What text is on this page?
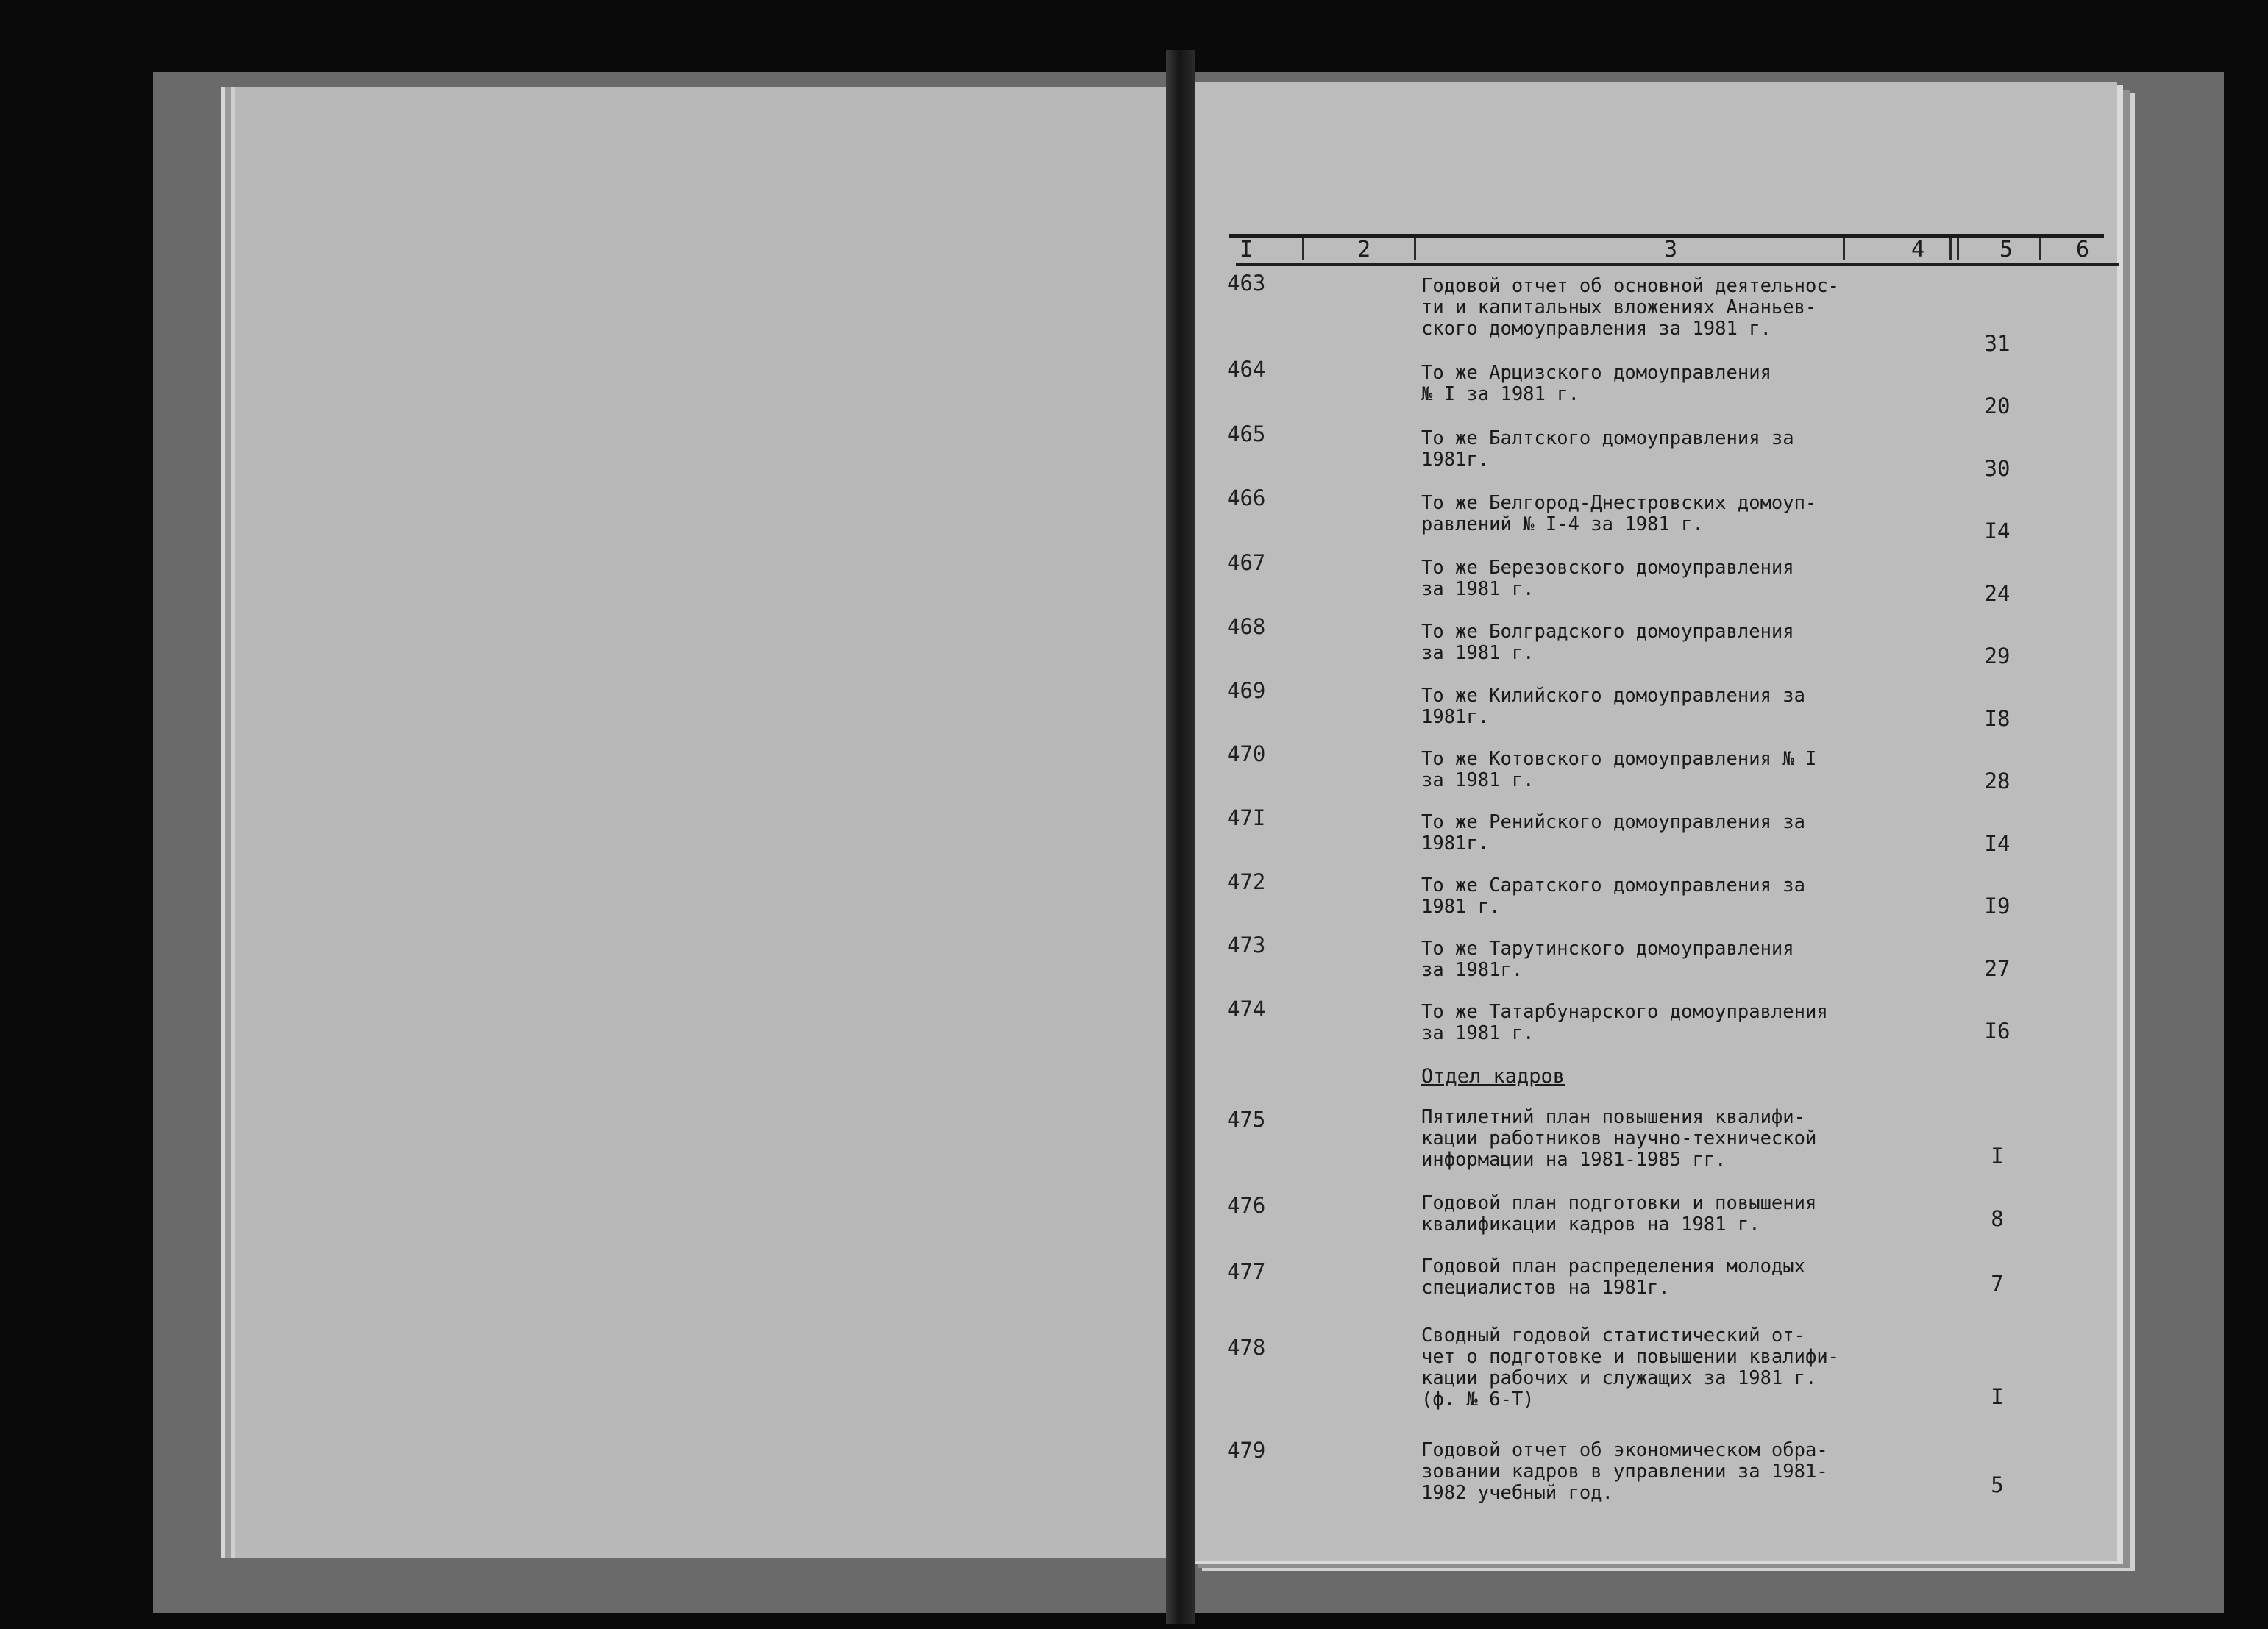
I	2	3	4	5	6
463	Годовой отчет об основной деятельнос-
ти и капитальных вложениях Ананьев-
ского домоуправления за 1981 г.
31
464	То же Арцизского домоуправления
№ I за 1981 г.	20
465	То же Балтского домоуправления за
1981г.	30
466	То же Белгород-Днестровских домоуп-
равлений № I-4 за 1981 г.	I4
467	То же Березовского домоуправления
за 1981 г.	24
468	То же Болградского домоуправления
за 1981 г.	29
469	То же Килийского домоуправления за
1981г.	I8
470	То же Котовского домоуправления № I
за 1981 г.	28
47I	То же Ренийского домоуправления за
1981г.	I4
472	То же Саратского домоуправления за
1981 г.	I9
473	То же Тарутинского домоуправления
за 1981г.	27
474	То же Татарбунарского домоуправления
за 1981 г.	I6
Отдел кадров
475	Пятилетний план повышения квалифи-
кации работников научно-технической
информации на 1981-1985 гг.	I
476	Годовой план подготовки и повышения
квалификации кадров на 1981 г.	8
477	Годовой план распределения молодых
специалистов на 1981г.	7
478	Сводный годовой статистический от-
чет о подготовке и повышении квалифи-
кации рабочих и служащих за 1981 г.
(ф. № 6-Т)	I
479	Годовой отчет об экономическом обра-
зовании кадров в управлении за 1981-
1982 учебный год.	5
